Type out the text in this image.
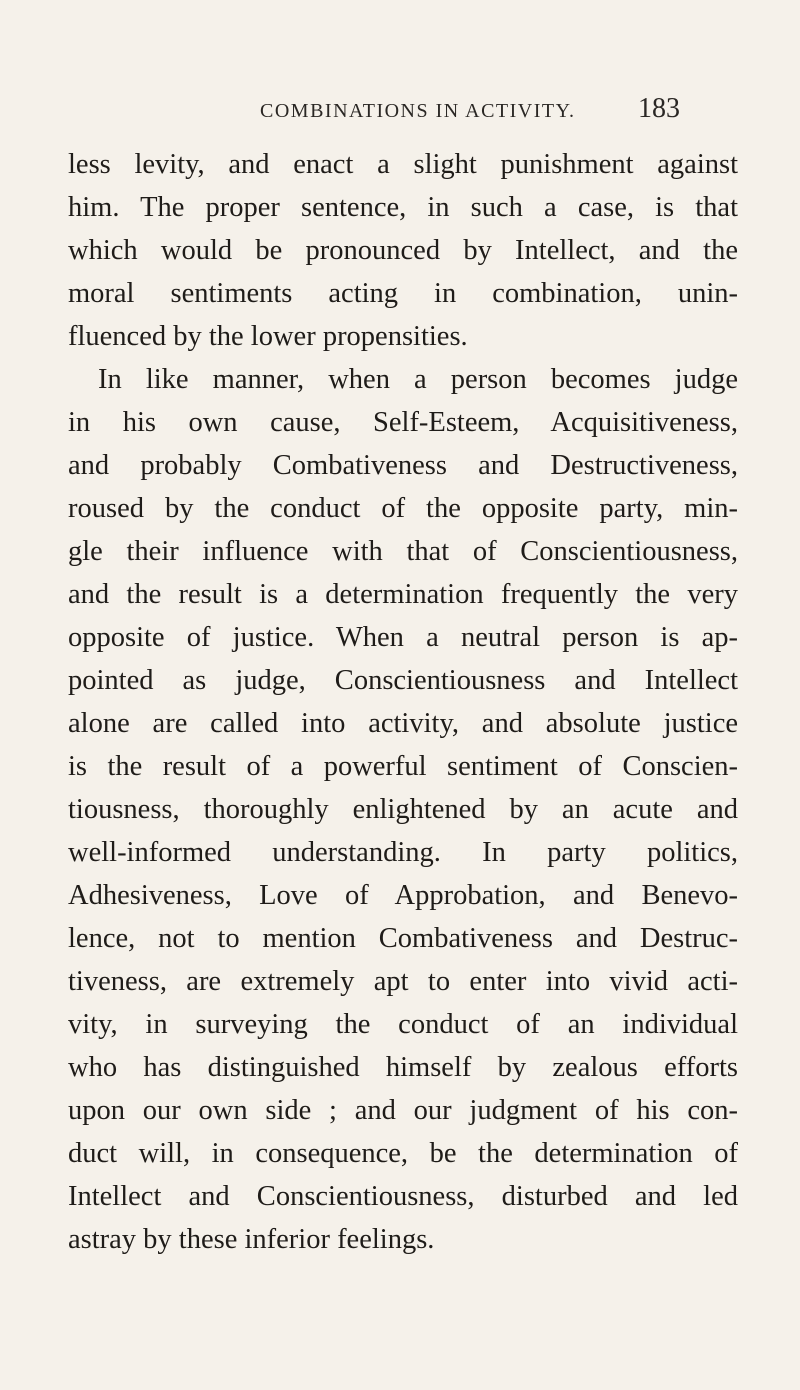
COMBINATIONS IN ACTIVITY. 183
less levity, and enact a slight punishment against
him. The proper sentence, in such a case, is that
which would be pronounced by Intellect, and the
moral sentiments acting in combination, unin-
fluenced by the lower propensities.
In like manner, when a person becomes judge
in his own cause, Self-Esteem, Acquisitiveness,
and probably Combativeness and Destructiveness,
roused by the conduct of the opposite party, min-
gle their influence with that of Conscientiousness,
and the result is a determination frequently the very
opposite of justice. When a neutral person is ap-
pointed as judge, Conscientiousness and Intellect
alone are called into activity, and absolute justice
is the result of a powerful sentiment of Conscien-
tiousness, thoroughly enlightened by an acute and
well-informed understanding. In party politics,
Adhesiveness, Love of Approbation, and Benevo-
lence, not to mention Combativeness and Destruc-
tiveness, are extremely apt to enter into vivid acti-
vity, in surveying the conduct of an individual
who has distinguished himself by zealous efforts
upon our own side ; and our judgment of his con-
duct will, in consequence, be the determination of
Intellect and Conscientiousness, disturbed and led
astray by these inferior feelings.
